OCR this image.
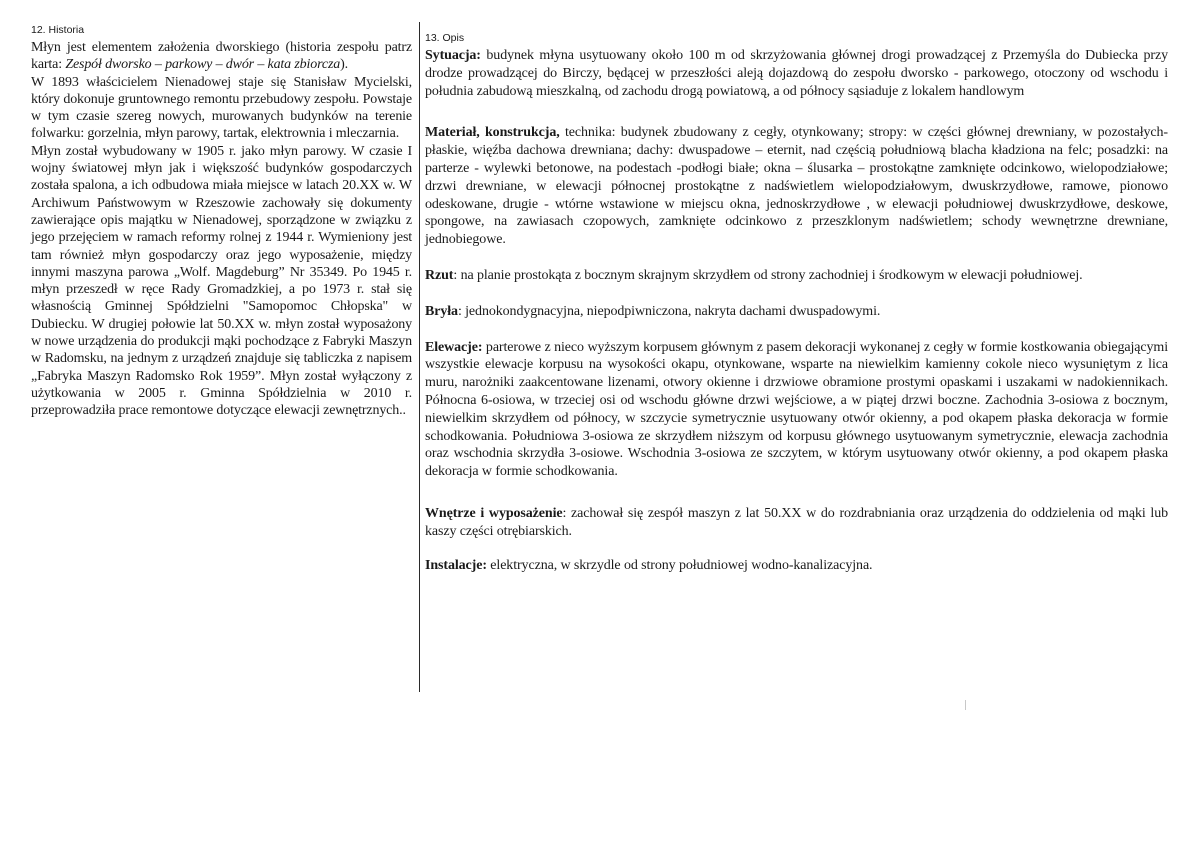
12. Historia

Młyn jest elementem założenia dworskiego (historia zespołu patrz karta: Zespół dworsko – parkowy – dwór – kata zbiorcza).

W 1893 właścicielem Nienadowej staje się Stanisław Mycielski, który dokonuje gruntownego remontu przebudowy zespołu. Powstaje w tym czasie szereg nowych, murowanych budynków na terenie folwarku: gorzelnia, młyn parowy, tartak, elektrownia i mleczarnia.

Młyn został wybudowany w 1905 r. jako młyn parowy. W czasie I wojny światowej młyn jak i większość budynków gospodarczych została spalona, a ich odbudowa miała miejsce w latach 20.XX w. W Archiwum Państwowym w Rzeszowie zachowały się dokumenty zawierające opis majątku w Nienadowej, sporządzone w związku z jego przejęciem w ramach reformy rolnej z 1944 r. Wymieniony jest tam również młyn gospodarczy oraz jego wyposażenie, między innymi maszyna parowa „Wolf. Magdeburg” Nr 35349. Po 1945 r. młyn przeszedł w ręce Rady Gromadzkiej, a po 1973 r. stał się własnością Gminnej Spółdzielni "Samopomoc Chłopska" w Dubiecku. W drugiej połowie lat 50.XX w. młyn został wyposażony w nowe urządzenia do produkcji mąki pochodzące z Fabryki Maszyn w Radomsku, na jednym z urządzeń znajduje się tabliczka z napisem „Fabryka Maszyn Radomsko Rok 1959”. Młyn został wyłączony z użytkowania w 2005 r. Gminna Spółdzielnia w 2010 r. przeprowadziła prace remontowe dotyczące elewacji zewnętrznych..

13. Opis

Sytuacja: budynek młyna usytuowany około 100 m od skrzyżowania głównej drogi prowadzącej z Przemyśla do Dubiecka przy drodze prowadzącej do Birczy, będącej w przeszłości aleją dojazdową do zespołu dworsko - parkowego, otoczony od wschodu i południa zabudową mieszkalną, od zachodu drogą powiatową, a od północy sąsiaduje z lokalem handlowym

Materiał, konstrukcja, technika: budynek zbudowany z cegły, otynkowany; stropy: w części głównej drewniany, w pozostałych- płaskie, więźba dachowa drewniana; dachy: dwuspadowe – eternit, nad częścią południową blacha kładziona na felc; posadzki: na parterze - wylewki betonowe, na podestach -podłogi białe; okna – ślusarka – prostokątne zamknięte odcinkowo, wielopodziałowe; drzwi drewniane, w elewacji północnej prostokątne z nadświetlem wielopodziałowym, dwuskrzydłowe, ramowe, pionowo odeskowane, drugie - wtórne wstawione w miejscu okna, jednoskrzydłowe , w elewacji południowej dwuskrzydłowe, deskowe, spongowe, na zawiasach czopowych, zamknięte odcinkowo z przeszklonym nadświetlem; schody wewnętrzne drewniane, jednobiegowe.

Rzut: na planie prostokąta z bocznym skrajnym skrzydłem od strony zachodniej i środkowym w elewacji południowej.

Bryła: jednokondygnacyjna, niepodpiwniczona, nakryta dachami dwuspadowymi.

Elewacje: parterowe z nieco wyższym korpusem głównym z pasem dekoracji wykonanej z cegły w formie kostkowania obiegającymi wszystkie elewacje korpusu na wysokości okapu, otynkowane, wsparte na niewielkim kamienny cokole nieco wysuniętym z lica muru, narożniki zaakcentowane lizenami, otwory okienne i drzwiowe obramione prostymi opaskami i uszakami w nadokiennikach. Północna 6-osiowa, w trzeciej osi od wschodu główne drzwi wejściowe, a w piątej drzwi boczne. Zachodnia 3-osiowa z bocznym, niewielkim skrzydłem od północy, w szczycie symetrycznie usytuowany otwór okienny, a pod okapem płaska dekoracja w formie schodkowania. Południowa 3-osiowa ze skrzydłem niższym od korpusu głównego usytuowanym symetrycznie, elewacja zachodnia oraz wschodnia skrzydła 3-osiowe. Wschodnia 3-osiowa ze szczytem, w którym usytuowany otwór okienny, a pod okapem płaska dekoracja w formie schodkowania.

Wnętrze i wyposażenie: zachował się zespół maszyn z lat 50.XX w do rozdrabniania oraz urządzenia do oddzielenia od mąki lub kaszy części otrębiarskich.

Instalacje: elektryczna, w skrzydle od strony południowej wodno-kanalizacyjna.
